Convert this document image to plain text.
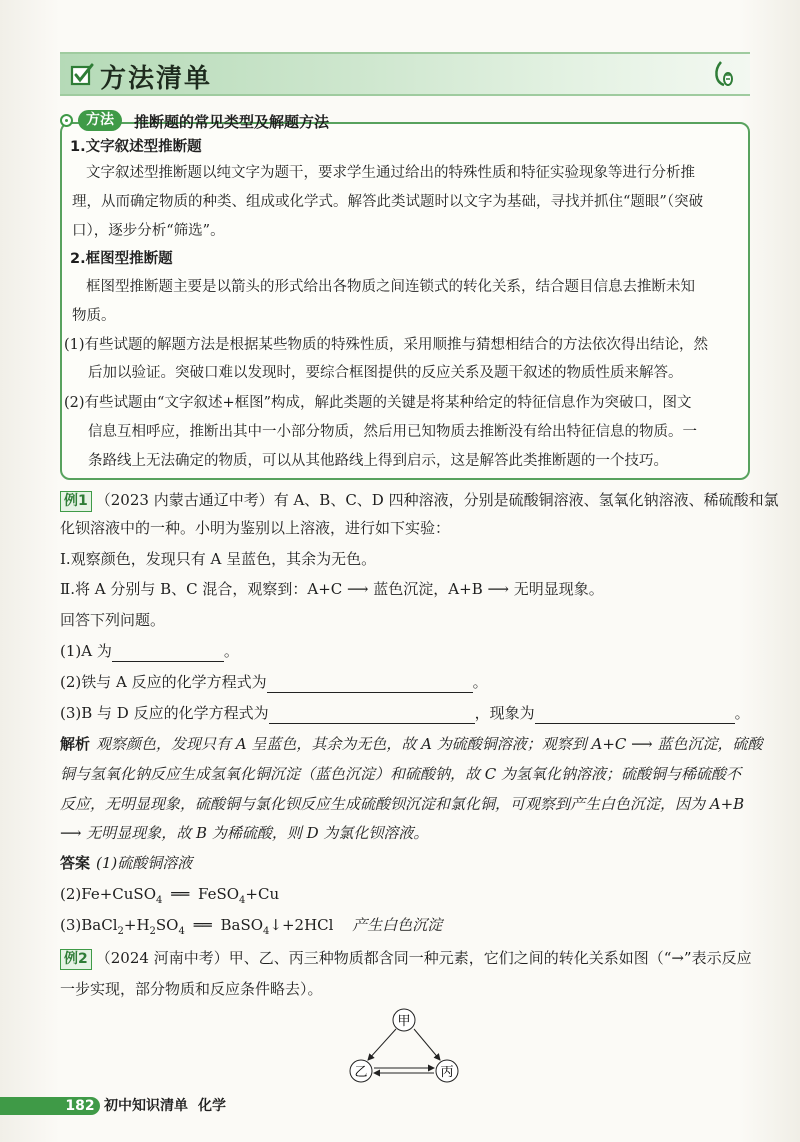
方法清单
方法	推断题的常见类型及解题方法
1.文字叙述型推断题
文字叙述型推断题以纯文字为题干，要求学生通过给出的特殊性质和特征实验现象等进行分析推
理，从而确定物质的种类、组成或化学式。解答此类试题时以文字为基础，寻找并抓住“题眼”（突破
口），逐步分析“筛选”。
2.框图型推断题
框图型推断题主要是以箭头的形式给出各物质之间连锁式的转化关系，结合题目信息去推断未知
物质。
(1)有些试题的解题方法是根据某些物质的特殊性质，采用顺推与猜想相结合的方法依次得出结论，然
后加以验证。突破口难以发现时，要综合框图提供的反应关系及题干叙述的物质性质来解答。
(2)有些试题由“文字叙述+框图”构成，解此类题的关键是将某种给定的特征信息作为突破口，图文
信息互相呼应，推断出其中一小部分物质，然后用已知物质去推断没有给出特征信息的物质。一
条路线上无法确定的物质，可以从其他路线上得到启示，这是解答此类推断题的一个技巧。
例1 （2023 内蒙古通辽中考）有 A、B、C、D 四种溶液，分别是硫酸铜溶液、氢氧化钠溶液、稀硫酸和氯
化钡溶液中的一种。小明为鉴别以上溶液，进行如下实验：
Ⅰ.观察颜色，发现只有 A 呈蓝色，其余为无色。
Ⅱ.将 A 分别与 B、C 混合，观察到：A+C ⟶ 蓝色沉淀，A+B ⟶ 无明显现象。
回答下列问题。
(1)A 为	。
(2)铁与 A 反应的化学方程式为	。
(3)B 与 D 反应的化学方程式为	，现象为	。
解析 观察颜色，发现只有 A 呈蓝色，其余为无色，故 A 为硫酸铜溶液；观察到 A+C ⟶ 蓝色沉淀，硫酸
铜与氢氧化钠反应生成氢氧化铜沉淀（蓝色沉淀）和硫酸钠，故 C 为氢氧化钠溶液；硫酸铜与稀硫酸不
反应，无明显现象，硫酸铜与氯化钡反应生成硫酸钡沉淀和氯化铜，可观察到产生白色沉淀，因为 A+B
⟶ 无明显现象，故 B 为稀硫酸，则 D 为氯化钡溶液。
答案 (1)硫酸铜溶液
(2)Fe+CuSO$_4$ ══ FeSO$_4$+Cu
$(3)BaCl_2+H_2SO_4$ ══ BaSO$_4$↓+2HCl 产生白色沉淀
例2 （2024 河南中考）甲、乙、丙三种物质都含同一种元素，它们之间的转化关系如图（“→”表示反应
一步实现，部分物质和反应条件略去）。
甲
乙	丙
182 初中知识清单 化学
